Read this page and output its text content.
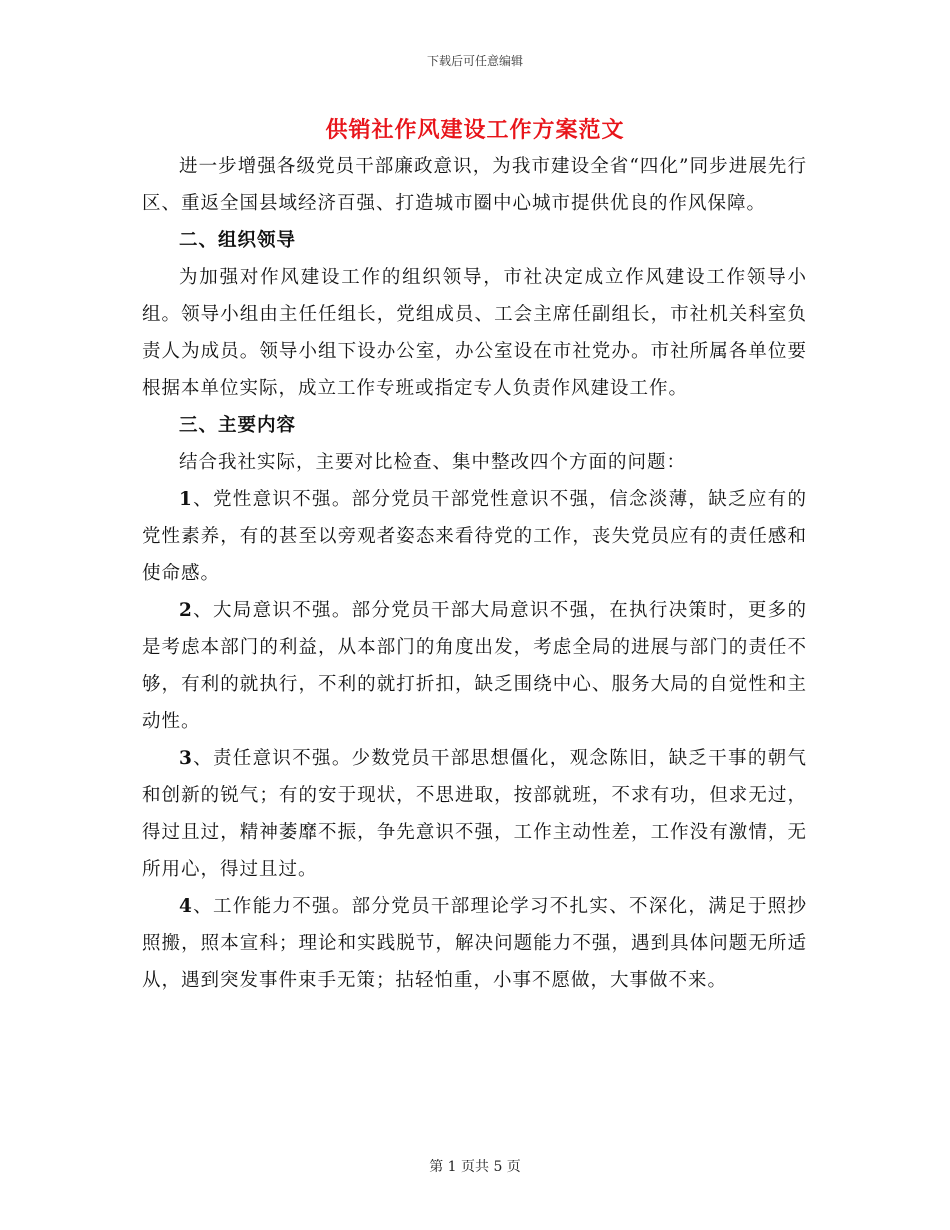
下载后可任意编辑
供销社作风建设工作方案范文

进一步增强各级党员干部廉政意识，为我市建设全省“四化”同步进展先行区、重返全国县域经济百强、打造城市圈中心城市提供优良的作风保障。

二、组织领导

为加强对作风建设工作的组织领导，市社决定成立作风建设工作领导小组。领导小组由主任任组长，党组成员、工会主席任副组长，市社机关科室负责人为成员。领导小组下设办公室，办公室设在市社党办。市社所属各单位要根据本单位实际，成立工作专班或指定专人负责作风建设工作。

三、主要内容

结合我社实际，主要对比检查、集中整改四个方面的问题：

1、党性意识不强。部分党员干部党性意识不强，信念淡薄，缺乏应有的党性素养，有的甚至以旁观者姿态来看待党的工作，丧失党员应有的责任感和使命感。

2、大局意识不强。部分党员干部大局意识不强，在执行决策时，更多的是考虑本部门的利益，从本部门的角度出发，考虑全局的进展与部门的责任不够，有利的就执行，不利的就打折扣，缺乏围绕中心、服务大局的自觉性和主动性。

3、责任意识不强。少数党员干部思想僵化，观念陈旧，缺乏干事的朝气和创新的锐气；有的安于现状，不思进取，按部就班，不求有功，但求无过，得过且过，精神萎靡不振，争先意识不强，工作主动性差，工作没有激情，无所用心，得过且过。

4、工作能力不强。部分党员干部理论学习不扎实、不深化，满足于照抄照搬，照本宣科；理论和实践脱节，解决问题能力不强，遇到具体问题无所适从，遇到突发事件束手无策；拈轻怕重，小事不愿做，大事做不来。

第 1 页共 5 页
